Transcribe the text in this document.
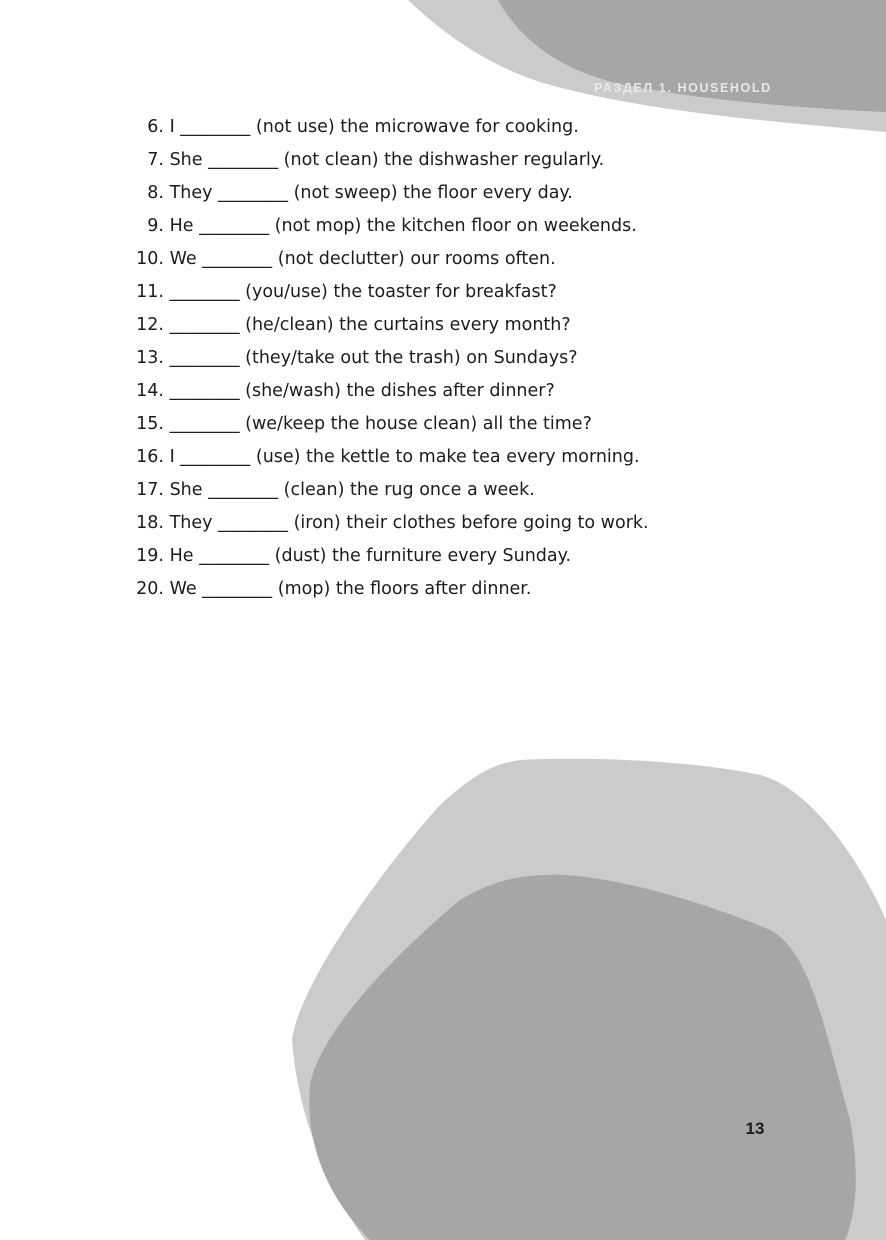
РАЗДЕЛ 1. HOUSEHOLD
6.
I ________ (not use) the microwave for cooking.
7.
She ________ (not clean) the dishwasher regularly.
8.
They ________ (not sweep) the floor every day.
9.
He ________ (not mop) the kitchen floor on weekends.
10.
We ________ (not declutter) our rooms often.
11.
________ (you/use) the toaster for breakfast?
12.
________ (he/clean) the curtains every month?
13.
________ (they/take out the trash) on Sundays?
14.
________ (she/wash) the dishes after dinner?
15.
________ (we/keep the house clean) all the time?
16.
I ________ (use) the kettle to make tea every morning.
17.
She ________ (clean) the rug once a week.
18.
They ________ (iron) their clothes before going to work.
19.
He ________ (dust) the furniture every Sunday.
20.
We ________ (mop) the floors after dinner.
13
